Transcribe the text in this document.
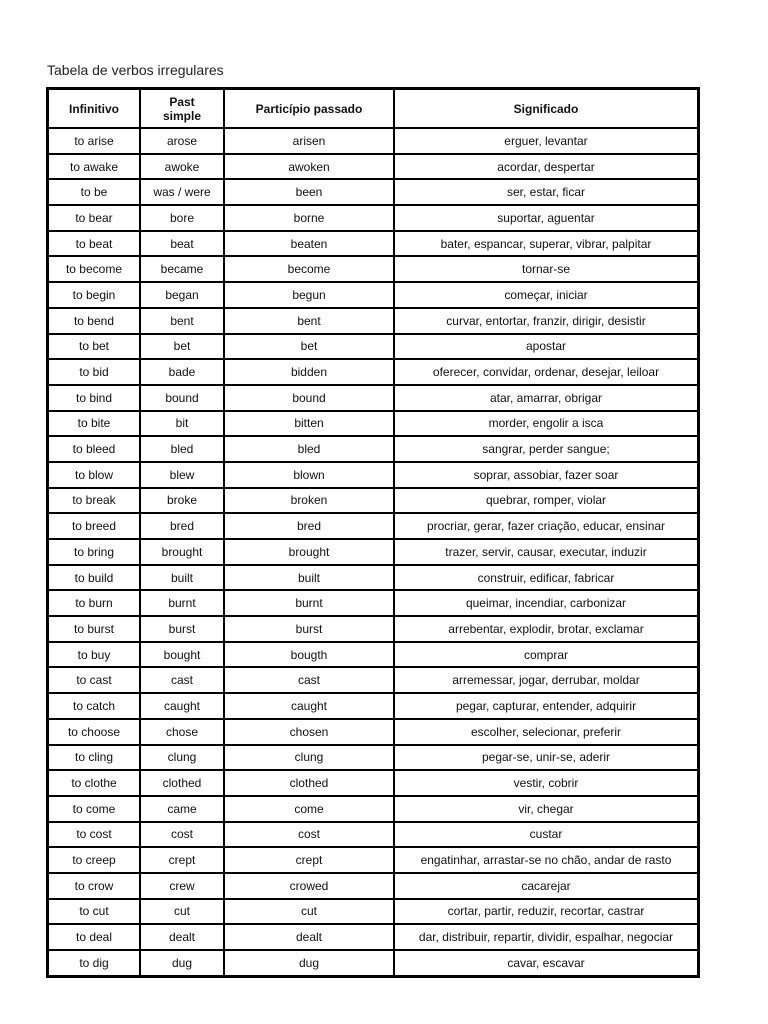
Tabela de verbos irregulares
Infinitivo	Past simple	Particípio passado	Significado
to arise	arose	arisen	erguer, levantar
to awake	awoke	awoken	acordar, despertar
to be	was / were	been	ser, estar, ficar
to bear	bore	borne	suportar, aguentar
to beat	beat	beaten	bater, espancar, superar, vibrar, palpitar
to become	became	become	tornar-se
to begin	began	begun	começar, iniciar
to bend	bent	bent	curvar, entortar, franzir, dirigir, desistir
to bet	bet	bet	apostar
to bid	bade	bidden	oferecer, convidar, ordenar, desejar, leiloar
to bind	bound	bound	atar, amarrar, obrigar
to bite	bit	bitten	morder, engolir a isca
to bleed	bled	bled	sangrar, perder sangue;
to blow	blew	blown	soprar, assobiar, fazer soar
to break	broke	broken	quebrar, romper, violar
to breed	bred	bred	procriar, gerar, fazer criação, educar, ensinar
to bring	brought	brought	trazer, servir, causar, executar, induzir
to build	built	built	construir, edificar, fabricar
to burn	burnt	burnt	queimar, incendiar, carbonizar
to burst	burst	burst	arrebentar, explodir, brotar, exclamar
to buy	bought	bougth	comprar
to cast	cast	cast	arremessar, jogar, derrubar, moldar
to catch	caught	caught	pegar, capturar, entender, adquirir
to choose	chose	chosen	escolher, selecionar, preferir
to cling	clung	clung	pegar-se, unir-se, aderir
to clothe	clothed	clothed	vestir, cobrir
to come	came	come	vir, chegar
to cost	cost	cost	custar
to creep	crept	crept	engatinhar, arrastar-se no chão, andar de rasto
to crow	crew	crowed	cacarejar
to cut	cut	cut	cortar, partir, reduzir, recortar, castrar
to deal	dealt	dealt	dar, distribuir, repartir, dividir, espalhar, negociar
to dig	dug	dug	cavar, escavar
